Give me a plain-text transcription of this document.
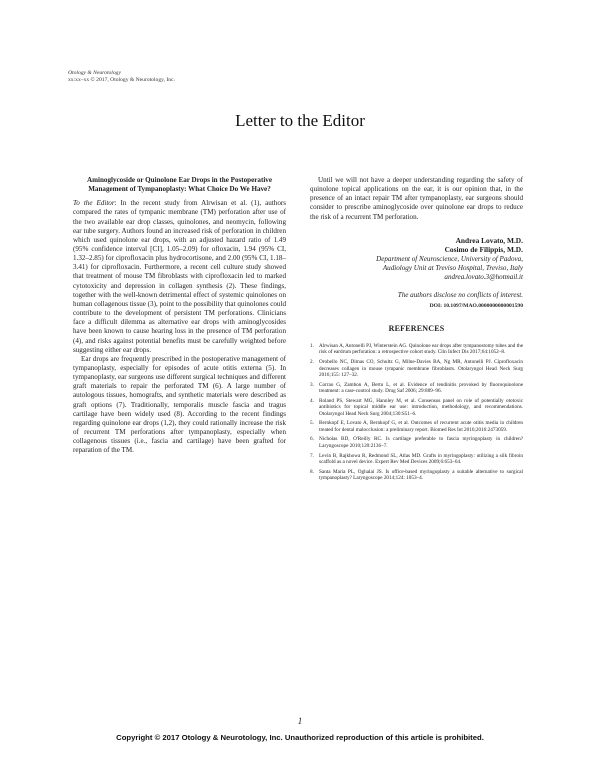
Otology & Neurotology
xx:xx–xx © 2017, Otology & Neurotology, Inc.
Letter to the Editor
Aminoglycoside or Quinolone Ear Drops in the Postoperative Management of Tympanoplasty: What Choice Do We Have?

To the Editor: In the recent study from Alrwisan et al. (1), authors compared the rates of tympanic membrane (TM) perforation after use of the two available ear drop classes, quinolones, and neomycin, following ear tube surgery. Authors found an increased risk of perforation in children which used quinolone ear drops, with an adjusted hazard ratio of 1.49 (95% confidence interval [CI], 1.05–2.09) for ofloxacin, 1.94 (95% CI, 1.32–2.85) for ciprofloxacin plus hydrocortisone, and 2.00 (95% CI, 1.18–3.41) for ciprofloxacin. Furthermore, a recent cell culture study showed that treatment of mouse TM fibroblasts with ciprofloxacin led to marked cytotoxicity and depression in collagen synthesis (2). These findings, together with the well-known detrimental effect of systemic quinolones on human collagenous tissue (3), point to the possibility that quinolones could contribute to the development of persistent TM perforations. Clinicians face a difficult dilemma as alternative ear drops with aminoglycosides have been known to cause hearing loss in the presence of TM perforation (4), and risks against potential benefits must be carefully weighted before suggesting either ear drops.

Ear drops are frequently prescribed in the postoperative management of tympanoplasty, especially for episodes of acute otitis externa (5). In tympanoplasty, ear surgeons use different surgical techniques and different graft materials to repair the perforated TM (6). A large number of autologous tissues, homografts, and synthetic materials were described as graft options (7). Traditionally, temporalis muscle fascia and tragus cartilage have been widely used (8). According to the recent findings regarding quinolone ear drops (1,2), they could rationally increase the risk of recurrent TM perforations after tympanoplasty, especially when collagenous tissues (i.e., fascia and cartilage) have been grafted for reparation of the TM.

Until we will not have a deeper understanding regarding the safety of quinolone topical applications on the ear, it is our opinion that, in the presence of an intact repair TM after tympanoplasty, ear surgeons should consider to prescribe aminoglycoside over quinolone ear drops to reduce the risk of a recurrent TM perforation.

Andrea Lovato, M.D.
Cosimo de Filippis, M.D.
Department of Neuroscience, University of Padova,
Audiology Unit at Treviso Hospital, Treviso, Italy
andrea.lovato.3@hotmail.it
The authors disclose no conflicts of interest.
DOI: 10.1097/MAO.0000000000001590
REFERENCES
1. Alrwisan A, Antonelli PJ, Winterstein AG. Quinolone ear drops after tympanostomy tubes and the risk of eardrum perforation: a retrospective cohort study. Clin Infect Dis 2017;64:1052–8.
2. Orobello NC, Dimas CO, Schultz G, Milne-Davies BA, Ng MR, Antonelli PJ. Ciprofloxacin decreases collagen in mouse tympanic membrane fibroblasts. Otolaryngol Head Neck Surg 2016;155: 127–32.
3. Corrao G, Zambon A, Bertu L, et al. Evidence of tendinitis provoked by fluoroquinolone treatment: a case-control study. Drug Saf 2006; 29:889–96.
4. Roland PS, Stewart MG, Hannley M, et al. Consensus panel on role of potentially ototoxic antibiotics for topical middle ear use: introduction, methodology, and recommendations. Otolaryngol Head Neck Surg 2004;130:S51–6.
5. Bernkopf E, Lovato A, Bernkopf G, et al. Outcomes of recurrent acute otitis media in children treated for dental malocclusion: a preliminary report. Biomed Res Int 2016;2016:2473059.
6. Nicholas BD, O'Reilly RC. Is cartilage preferable to fascia myringoplasty in children? Laryngoscope 2010;120:2136–7.
7. Levin B, Rajkhowa R, Redmond SL, Atlas MD. Grafts in myringoplasty: utilizing a silk fibroin scaffold as a novel device. Expert Rev Med Devices 2009;6:653–64.
8. Santa Maria PL, Oghalai JS. Is office-based myringoplasty a suitable alternative to surgical tympanoplasty? Laryngoscope 2014;124: 1053–4.
1
Copyright © 2017 Otology & Neurotology, Inc. Unauthorized reproduction of this article is prohibited.
